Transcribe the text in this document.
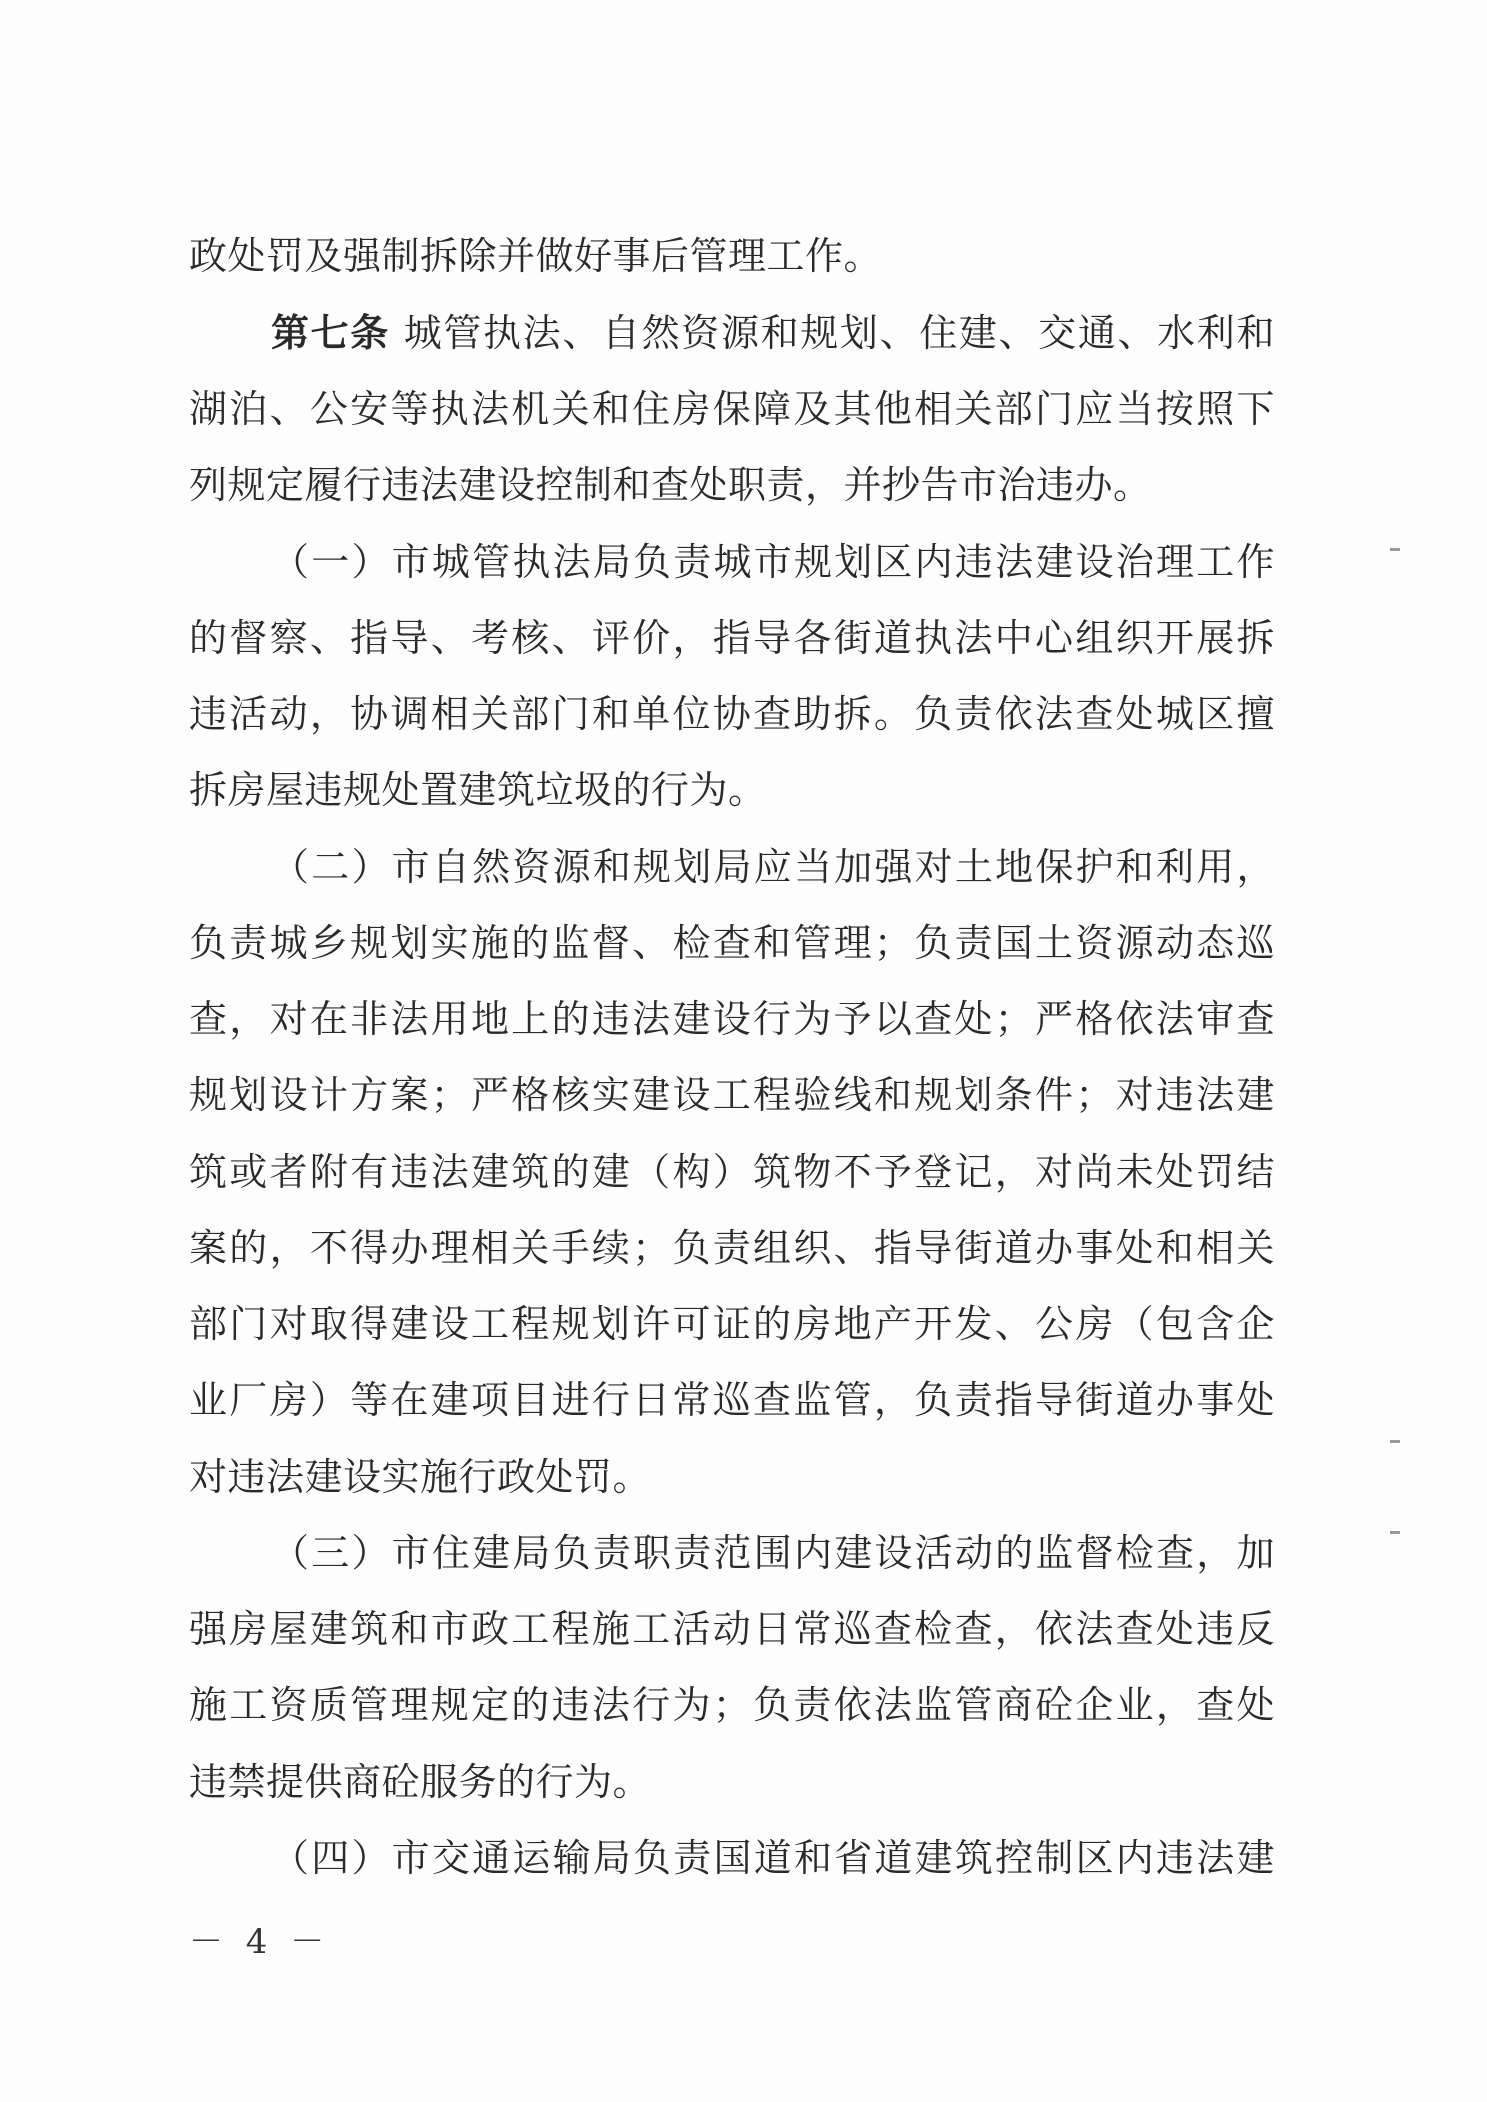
政处罚及强制拆除并做好事后管理工作。
第七条 城管执法、自然资源和规划、住建、交通、水利和
湖泊、公安等执法机关和住房保障及其他相关部门应当按照下
列规定履行违法建设控制和查处职责，并抄告市治违办。
（一）市城管执法局负责城市规划区内违法建设治理工作
的督察、指导、考核、评价，指导各街道执法中心组织开展拆
违活动，协调相关部门和单位协查助拆。负责依法查处城区擅
拆房屋违规处置建筑垃圾的行为。
（二）市自然资源和规划局应当加强对土地保护和利用，
负责城乡规划实施的监督、检查和管理；负责国土资源动态巡
查，对在非法用地上的违法建设行为予以查处；严格依法审查
规划设计方案；严格核实建设工程验线和规划条件；对违法建
筑或者附有违法建筑的建（构）筑物不予登记，对尚未处罚结
案的，不得办理相关手续；负责组织、指导街道办事处和相关
部门对取得建设工程规划许可证的房地产开发、公房（包含企
业厂房）等在建项目进行日常巡查监管，负责指导街道办事处
对违法建设实施行政处罚。
（三）市住建局负责职责范围内建设活动的监督检查，加
强房屋建筑和市政工程施工活动日常巡查检查，依法查处违反
施工资质管理规定的违法行为；负责依法监管商砼企业，查处
违禁提供商砼服务的行为。
（四）市交通运输局负责国道和省道建筑控制区内违法建
－ 4 －
